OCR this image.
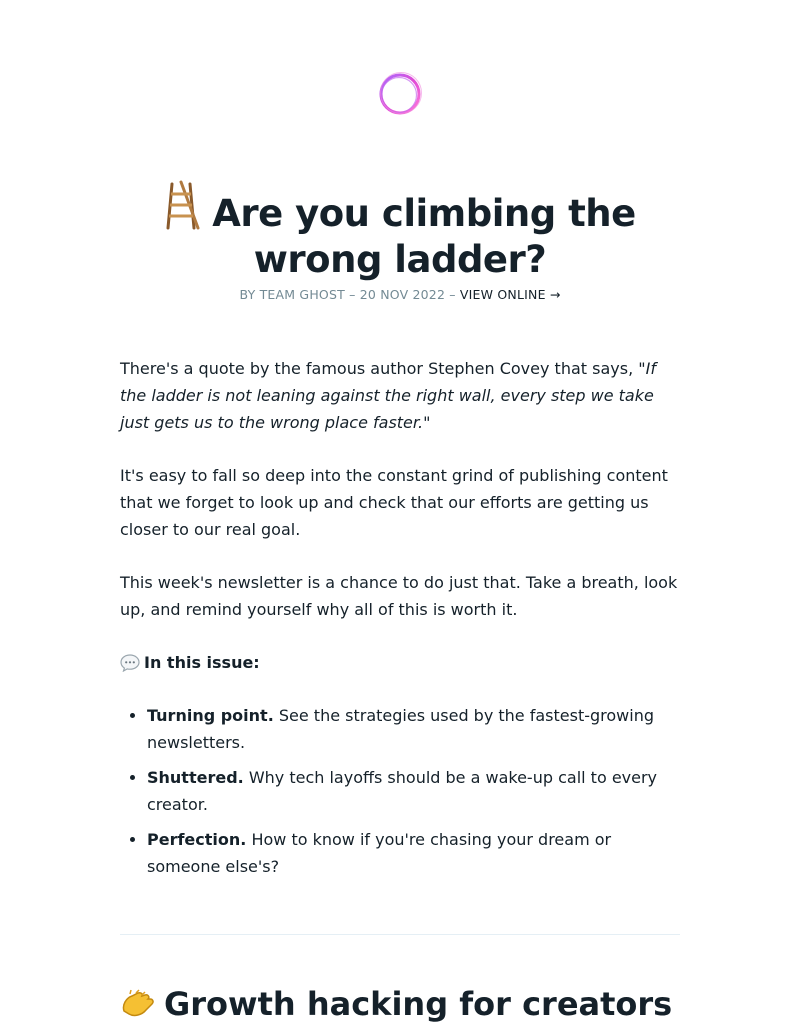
Are you climbing the wrong ladder?
BY TEAM GHOST – 20 NOV 2022 – VIEW ONLINE →

There's a quote by the famous author Stephen Covey that says, "If the ladder is not leaning against the right wall, every step we take just gets us to the wrong place faster."

It's easy to fall so deep into the constant grind of publishing content that we forget to look up and check that our efforts are getting us closer to our real goal.

This week's newsletter is a chance to do just that. Take a breath, look up, and remind yourself why all of this is worth it.

In this issue:
• Turning point. See the strategies used by the fastest-growing newsletters.
• Shuttered. Why tech layoffs should be a wake-up call to every creator.
• Perfection. How to know if you're chasing your dream or someone else's?
Growth hacking for creators
